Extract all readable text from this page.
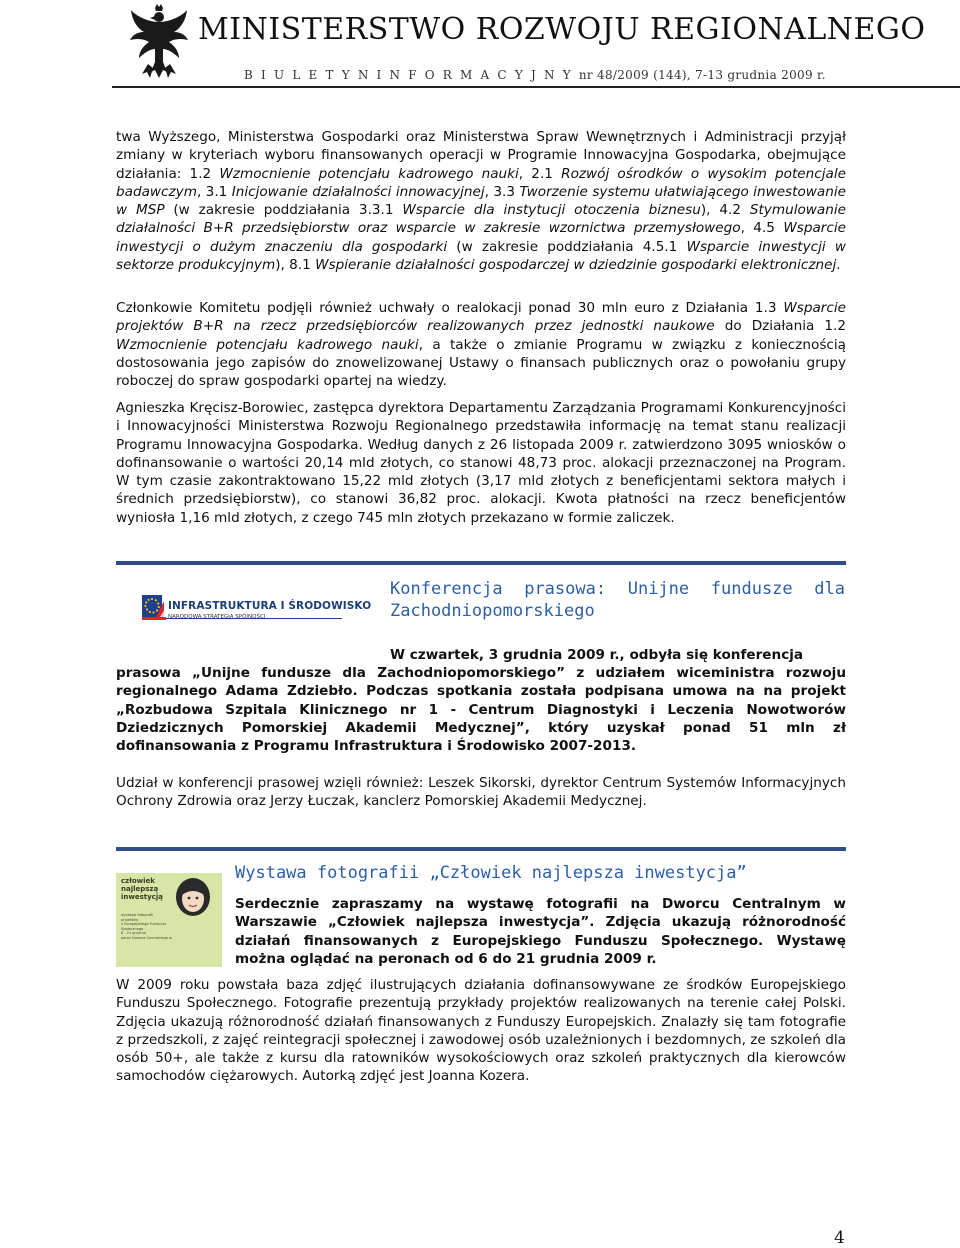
MINISTERSTWO ROZWOJU REGIONALNEGO
B I U L E T Y N I N F O R M A C Y J N Y nr 48/2009 (144), 7-13 grudnia 2009 r.

twa Wyższego, Ministerstwa Gospodarki oraz Ministerstwa Spraw Wewnętrznych i Administracji przyjął zmiany w kryteriach wyboru finansowanych operacji w Programie Innowacyjna Gospodarka, obejmujące działania: 1.2 Wzmocnienie potencjału kadrowego nauki, 2.1 Rozwój ośrodków o wysokim potencjale badawczym, 3.1 Inicjowanie działalności innowacyjnej, 3.3 Tworzenie systemu ułatwiającego inwestowanie w MSP (w zakresie poddziałania 3.3.1 Wsparcie dla instytucji otoczenia biznesu), 4.2 Stymulowanie działalności B+R przedsiębiorstw oraz wsparcie w zakresie wzornictwa przemysłowego, 4.5 Wsparcie inwestycji o dużym znaczeniu dla gospodarki (w zakresie poddziałania 4.5.1 Wsparcie inwestycji w sektorze produkcyjnym), 8.1 Wspieranie działalności gospodarczej w dziedzinie gospodarki elektronicznej.

Członkowie Komitetu podjęli również uchwały o realokacji ponad 30 mln euro z Działania 1.3 Wsparcie projektów B+R na rzecz przedsiębiorców realizowanych przez jednostki naukowe do Działania 1.2 Wzmocnienie potencjału kadrowego nauki, a także o zmianie Programu w związku z koniecznością dostosowania jego zapisów do znowelizowanej Ustawy o finansach publicznych oraz o powołaniu grupy roboczej do spraw gospodarki opartej na wiedzy.

Agnieszka Kręcisz-Borowiec, zastępca dyrektora Departamentu Zarządzania Programami Konkurencyjności i Innowacyjności Ministerstwa Rozwoju Regionalnego przedstawiła informację na temat stanu realizacji Programu Innowacyjna Gospodarka. Według danych z 26 listopada 2009 r. zatwierdzono 3095 wniosków o dofinansowanie o wartości 20,14 mld złotych, co stanowi 48,73 proc. alokacji przeznaczonej na Program. W tym czasie zakontraktowano 15,22 mld złotych (3,17 mld złotych z beneficjentami sektora małych i średnich przedsiębiorstw), co stanowi 36,82 proc. alokacji. Kwota płatności na rzecz beneficjentów wyniosła 1,16 mld złotych, z czego 745 mln złotych przekazano w formie zaliczek.

INFRASTRUKTURA I ŚRODOWISKO
NARODOWA STRATEGIA SPÓJNOŚCI

Konferencja prasowa: Unijne fundusze dla Zachodniopomorskiego

W czwartek, 3 grudnia 2009 r., odbyła się konferencja

prasowa „Unijne fundusze dla Zachodniopomorskiego” z udziałem wiceministra rozwoju regionalnego Adama Zdziebło. Podczas spotkania została podpisana umowa na na projekt „Rozbudowa Szpitala Klinicznego nr 1 - Centrum Diagnostyki i Leczenia Nowotworów Dziedzicznych Pomorskiej Akademii Medycznej”, który uzyskał ponad 51 mln zł dofinansowania z Programu Infrastruktura i Środowisko 2007-2013.

Udział w konferencji prasowej wzięli również: Leszek Sikorski, dyrektor Centrum Systemów Informacyjnych Ochrony Zdrowia oraz Jerzy Łuczak, kanclerz Pomorskiej Akademii Medycznej.

człowiek najlepszą inwestycją
wystawa fotografii
projektów
z Europejskiego Funduszu
Społecznego
6 - 21 grudnia
peron Dworca Centralnego w

Wystawa fotografii „Człowiek najlepsza inwestycja”

Serdecznie zapraszamy na wystawę fotografii na Dworcu Centralnym w Warszawie „Człowiek najlepsza inwestycja”. Zdjęcia ukazują różnorodność działań finansowanych z Europejskiego Funduszu Społecznego. Wystawę można oglądać na peronach od 6 do 21 grudnia 2009 r.

W 2009 roku powstała baza zdjęć ilustrujących działania dofinansowywane ze środków Europejskiego Funduszu Społecznego. Fotografie prezentują przykłady projektów realizowanych na terenie całej Polski. Zdjęcia ukazują różnorodność działań finansowanych z Funduszy Europejskich. Znalazły się tam fotografie z przedszkoli, z zajęć reintegracji społecznej i zawodowej osób uzależnionych i bezdomnych, ze szkoleń dla osób 50+, ale także z kursu dla ratowników wysokościowych oraz szkoleń praktycznych dla kierowców samochodów ciężarowych. Autorką zdjęć jest Joanna Kozera.

4
